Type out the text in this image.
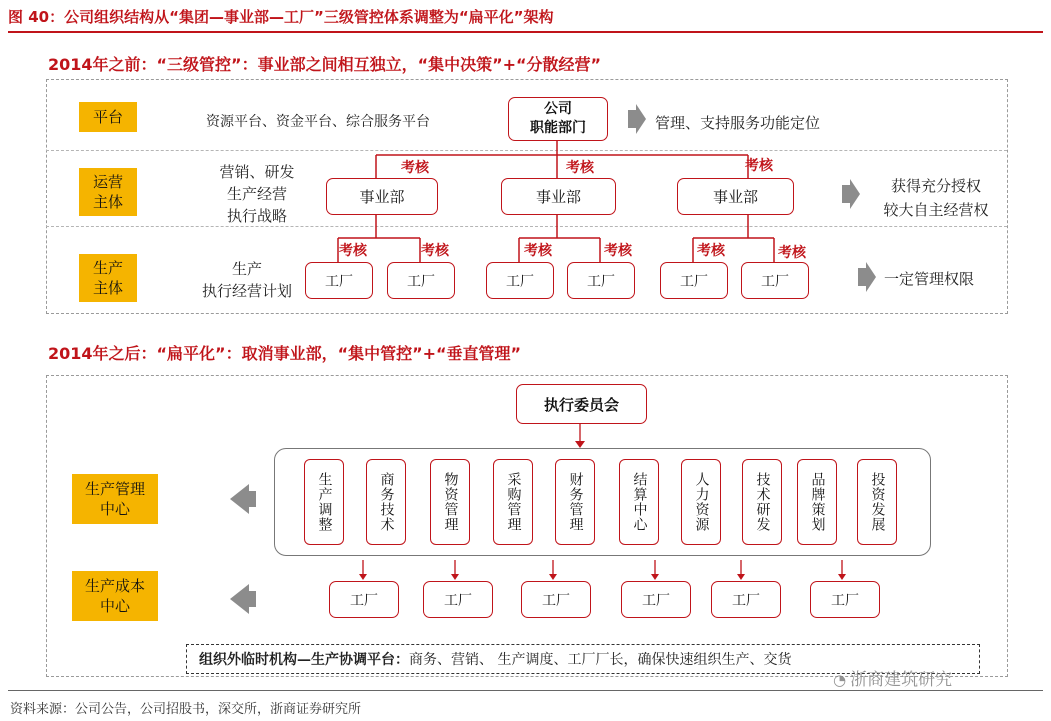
图 40：公司组织结构从“集团—事业部—工厂”三级管控体系调整为“扁平化”架构
2014年之前：“三级管控”：事业部之间相互独立，“集中决策”+“分散经营”
平台
运营
主体
生产
主体
资源平台、资金平台、综合服务平台
营销、研发
生产经营
执行战略
生产
执行经营计划
公司
职能部门	管理、支持服务功能定位
考核	考核	考核
事业部	事业部	事业部
获得充分授权
较大自主经营权
考核	考核	考核	考核	考核	考核
工厂	工厂	工厂	工厂	工厂	工厂	一定管理权限
2014年之后：“扁平化”：取消事业部，“集中管控”+“垂直管理”
执行委员会
生产调整	商务技术	物资管理	采购管理	财务管理	结算中心	人力资源	技术研发	品牌策划	投资发展
生产管理
中心
生产成本
中心	工厂	工厂	工厂	工厂	工厂	工厂
组织外临时机构—生产协调平台： 商务、营销、 生产调度、工厂厂长，确保快速组织生产、交货
◔ 浙商建筑研究
资料来源：公司公告，公司招股书，深交所，浙商证券研究所
